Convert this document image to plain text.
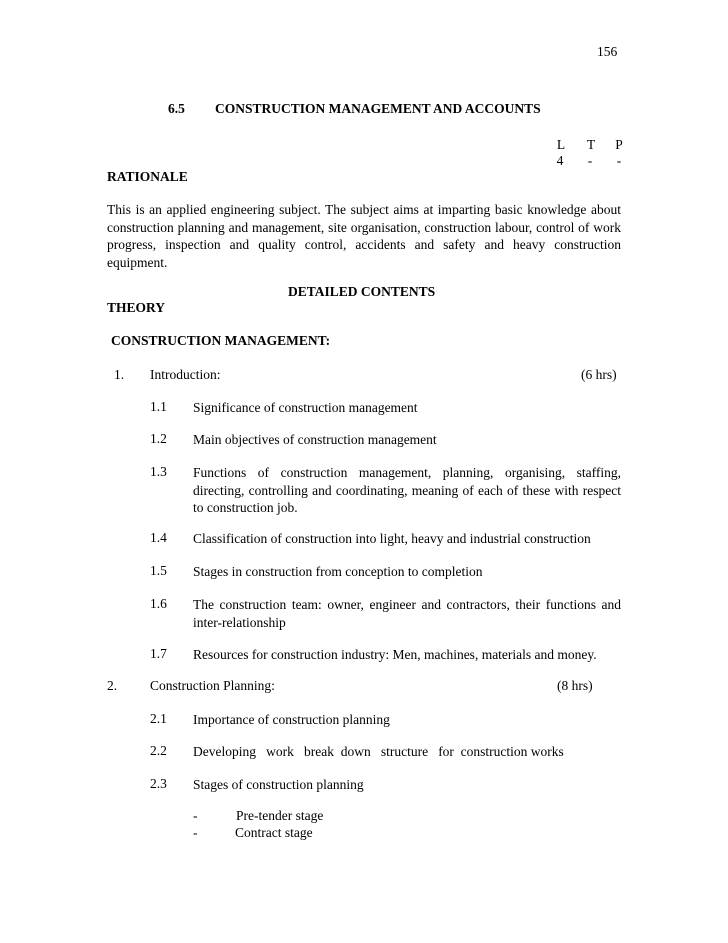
156
6.5 CONSTRUCTION MANAGEMENT AND ACCOUNTS
L T P
4	-	-
RATIONALE
This is an applied engineering subject. The subject aims at imparting basic knowledge about construction planning and management, site organisation, construction labour, control of work progress, inspection and quality control, accidents and safety and heavy construction equipment.
DETAILED CONTENTS
THEORY
CONSTRUCTION MANAGEMENT:
1. Introduction:	(6 hrs)
1.1 Significance of construction management
1.2 Main objectives of construction management
1.3 Functions of construction management, planning, organising, staffing, directing, controlling and coordinating, meaning of each of these with respect to construction job.
1.4 Classification of construction into light, heavy and industrial construction
1.5 Stages in construction from conception to completion
1.6 The construction team: owner, engineer and contractors, their functions and inter-relationship
1.7 Resources for construction industry: Men, machines, materials and money.
2. Construction Planning:	(8 hrs)
2.1 Importance of construction planning
2.2 Developing   work   break  down   structure   for  construction works
2.3 Stages of construction planning
-	Pre-tender stage
-	Contract stage
